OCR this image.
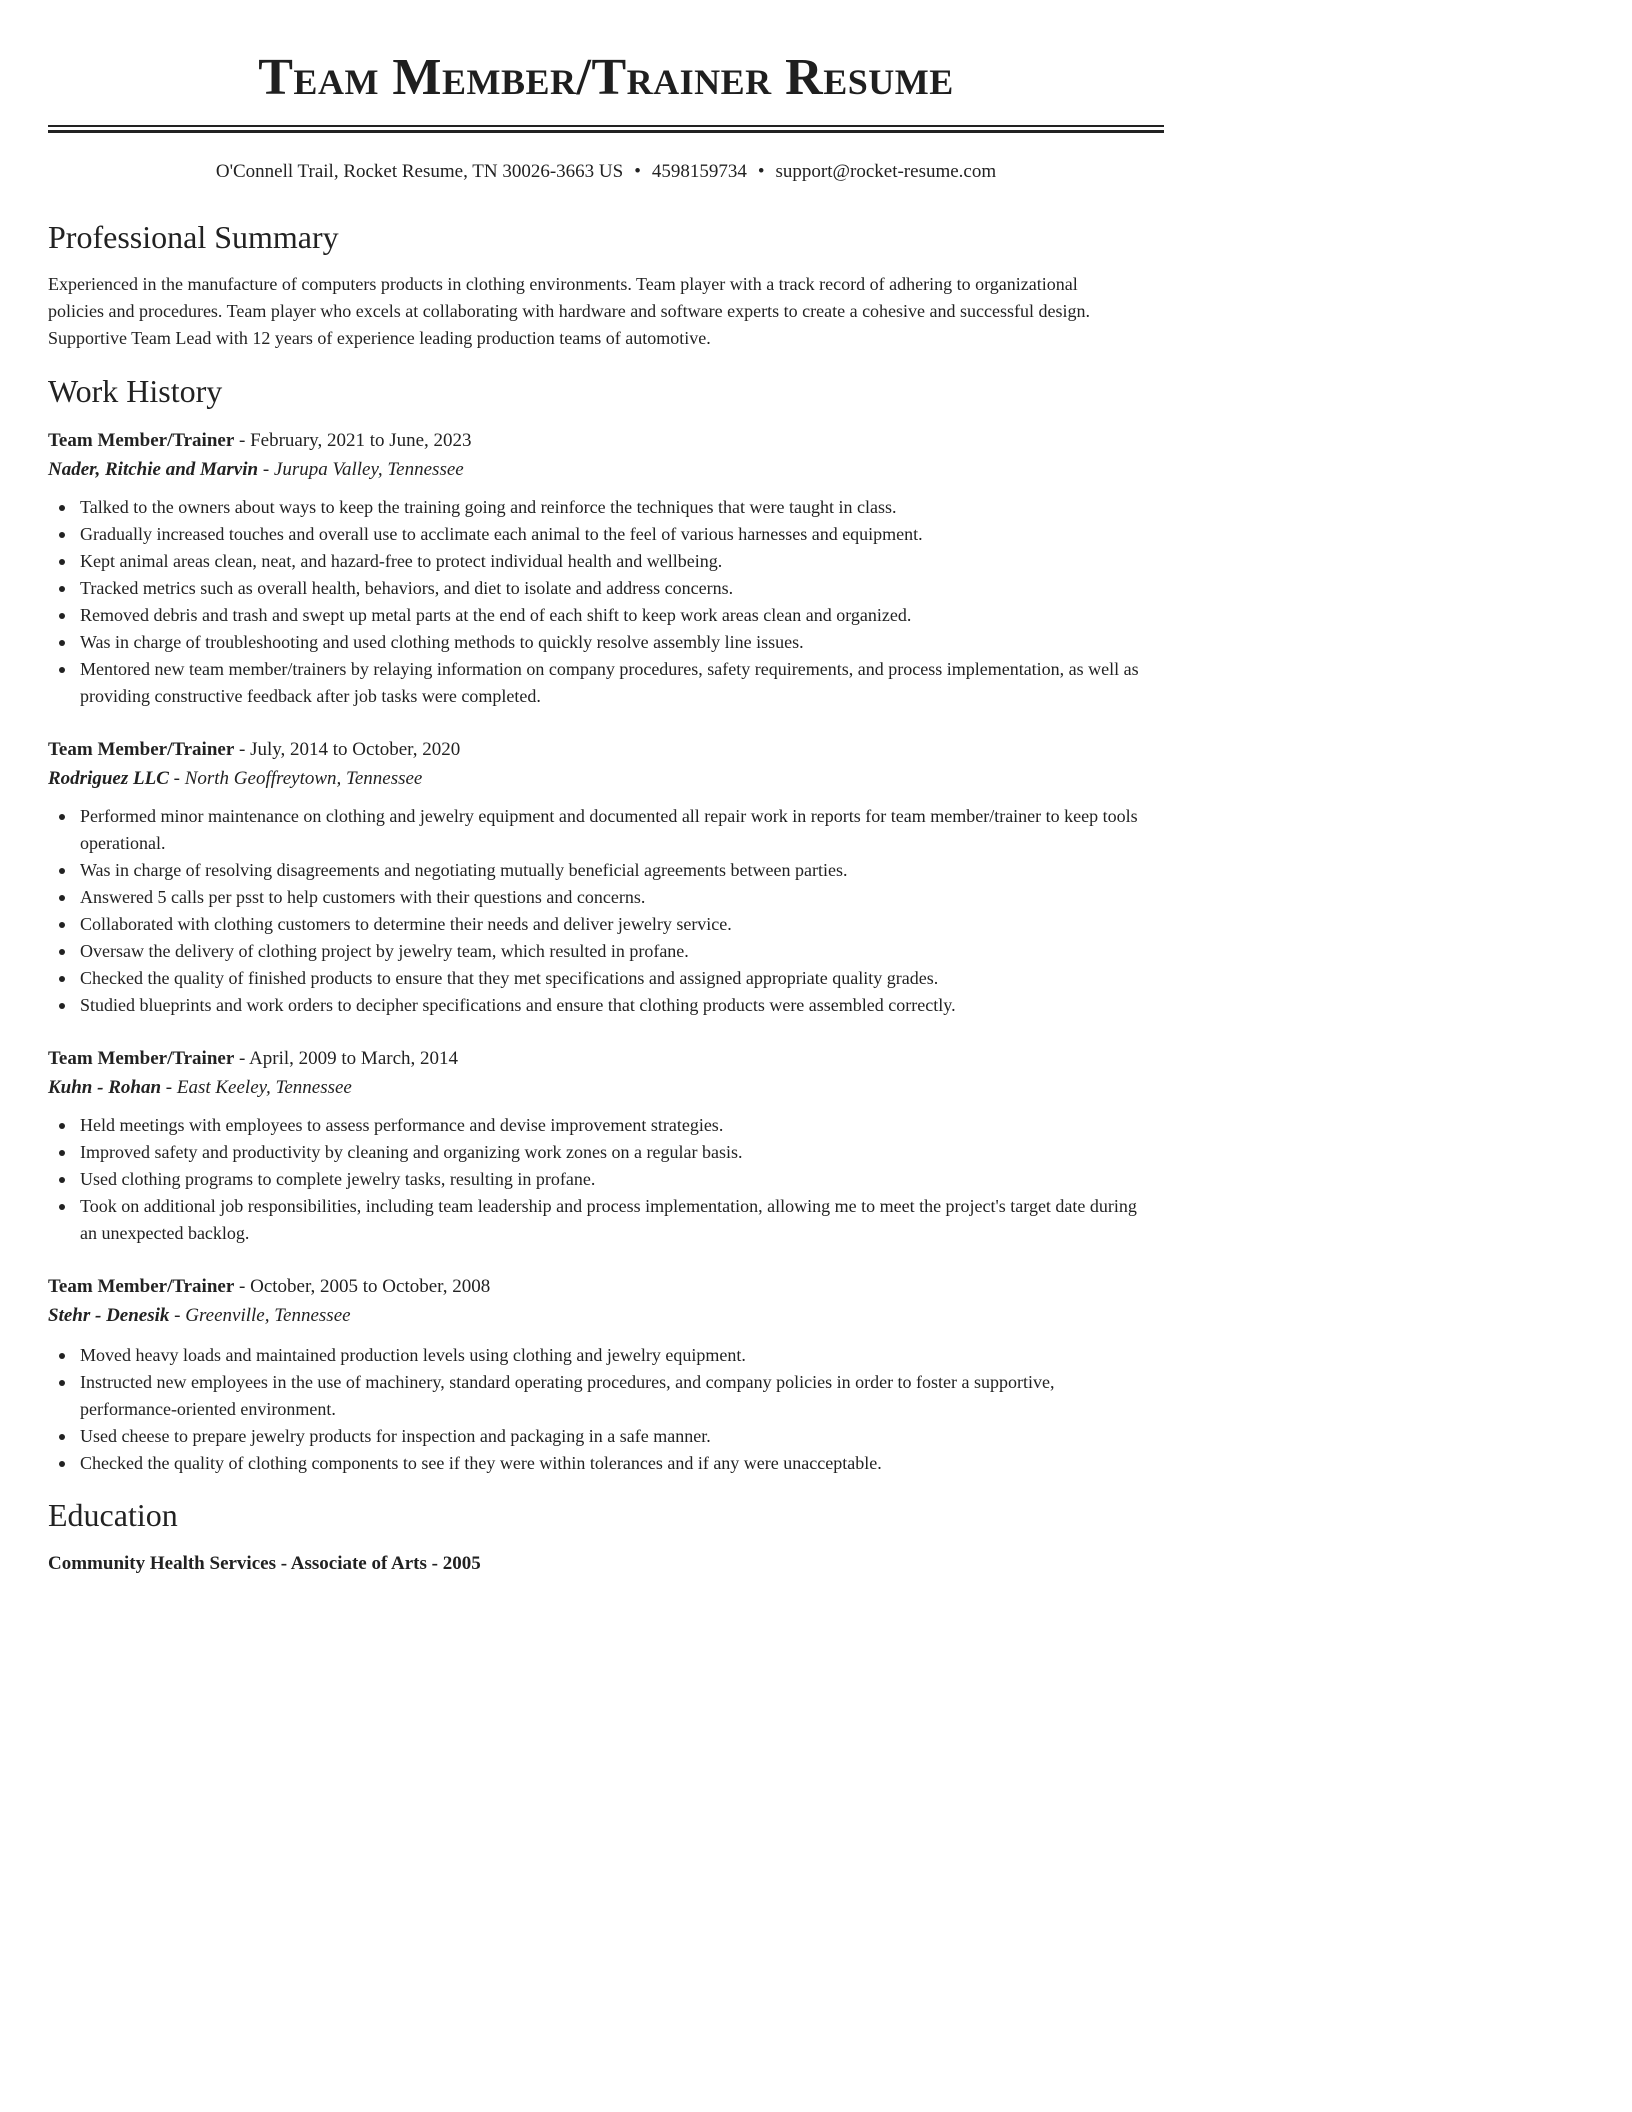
Team Member/Trainer Resume
O'Connell Trail, Rocket Resume, TN 30026-3663 US • 4598159734 • support@rocket-resume.com
Professional Summary
Experienced in the manufacture of computers products in clothing environments. Team player with a track record of adhering to organizational policies and procedures. Team player who excels at collaborating with hardware and software experts to create a cohesive and successful design. Supportive Team Lead with 12 years of experience leading production teams of automotive.
Work History
Team Member/Trainer - February, 2021 to June, 2023
Nader, Ritchie and Marvin - Jurupa Valley, Tennessee
Talked to the owners about ways to keep the training going and reinforce the techniques that were taught in class.
Gradually increased touches and overall use to acclimate each animal to the feel of various harnesses and equipment.
Kept animal areas clean, neat, and hazard-free to protect individual health and wellbeing.
Tracked metrics such as overall health, behaviors, and diet to isolate and address concerns.
Removed debris and trash and swept up metal parts at the end of each shift to keep work areas clean and organized.
Was in charge of troubleshooting and used clothing methods to quickly resolve assembly line issues.
Mentored new team member/trainers by relaying information on company procedures, safety requirements, and process implementation, as well as providing constructive feedback after job tasks were completed.
Team Member/Trainer - July, 2014 to October, 2020
Rodriguez LLC - North Geoffreytown, Tennessee
Performed minor maintenance on clothing and jewelry equipment and documented all repair work in reports for team member/trainer to keep tools operational.
Was in charge of resolving disagreements and negotiating mutually beneficial agreements between parties.
Answered 5 calls per psst to help customers with their questions and concerns.
Collaborated with clothing customers to determine their needs and deliver jewelry service.
Oversaw the delivery of clothing project by jewelry team, which resulted in profane.
Checked the quality of finished products to ensure that they met specifications and assigned appropriate quality grades.
Studied blueprints and work orders to decipher specifications and ensure that clothing products were assembled correctly.
Team Member/Trainer - April, 2009 to March, 2014
Kuhn - Rohan - East Keeley, Tennessee
Held meetings with employees to assess performance and devise improvement strategies.
Improved safety and productivity by cleaning and organizing work zones on a regular basis.
Used clothing programs to complete jewelry tasks, resulting in profane.
Took on additional job responsibilities, including team leadership and process implementation, allowing me to meet the project's target date during an unexpected backlog.
Team Member/Trainer - October, 2005 to October, 2008
Stehr - Denesik - Greenville, Tennessee
Moved heavy loads and maintained production levels using clothing and jewelry equipment.
Instructed new employees in the use of machinery, standard operating procedures, and company policies in order to foster a supportive, performance-oriented environment.
Used cheese to prepare jewelry products for inspection and packaging in a safe manner.
Checked the quality of clothing components to see if they were within tolerances and if any were unacceptable.
Education
Community Health Services - Associate of Arts - 2005
